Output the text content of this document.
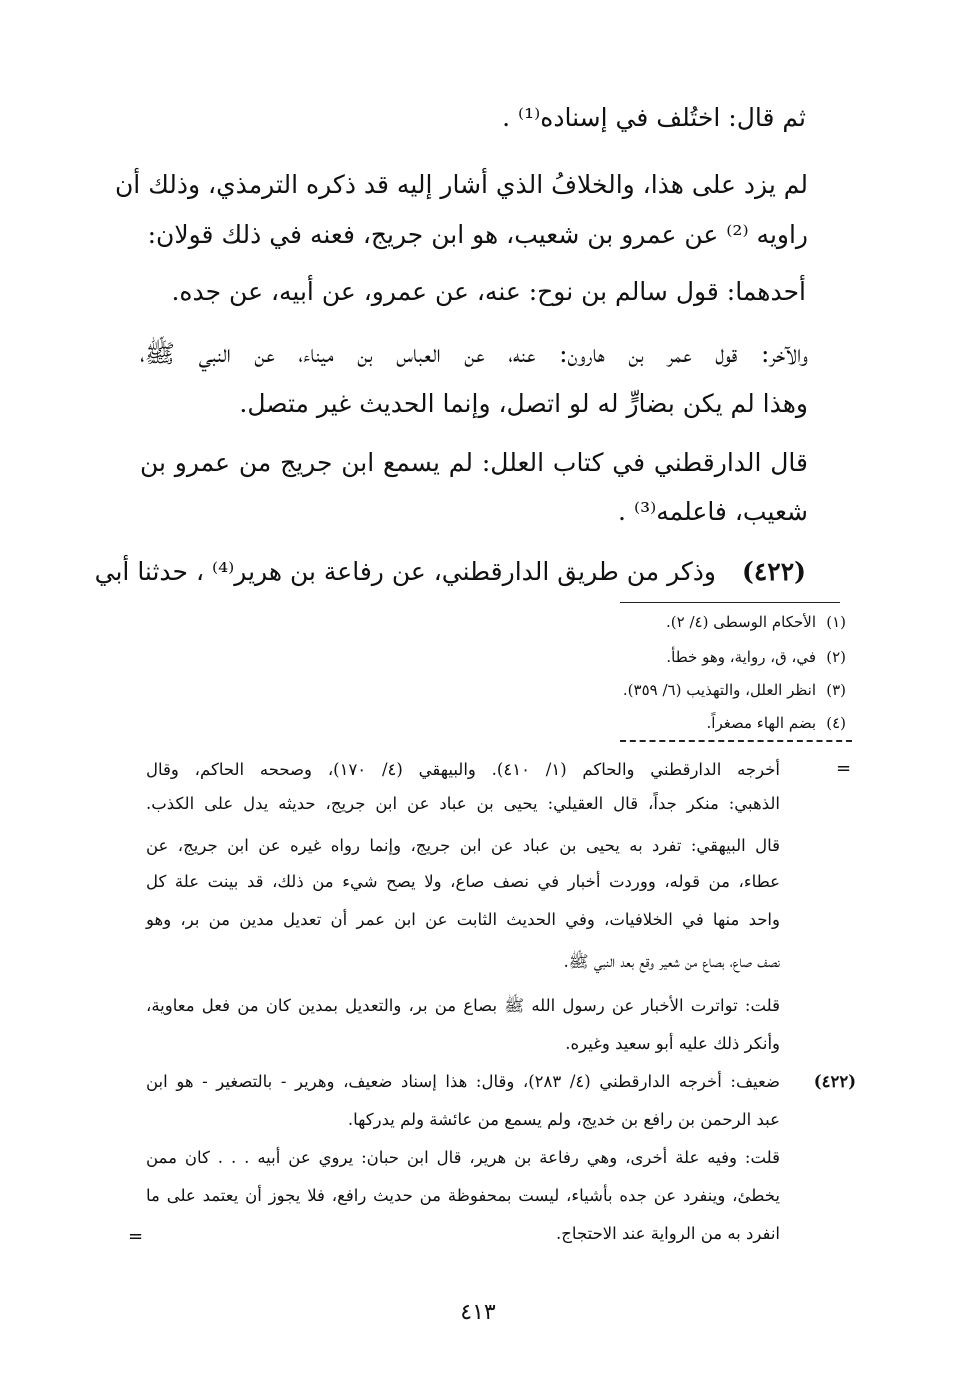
ثم قال: اختُلف في إسناده⁽¹⁾ .
لم يزد على هذا، والخلافُ الذي أشار إليه قد ذكره الترمذي، وذلك أن
راويه ⁽²⁾ عن عمرو بن شعيب، هو ابن جريج، فعنه في ذلك قولان:
أحدهما: قول سالم بن نوح: عنه، عن عمرو، عن أبيه، عن جده.
والآخر: قول عمر بن هارون: عنه، عن العباس بن ميناء، عن النبي ﷺ،
وهذا لم يكن بضارٍّ له لو اتصل، وإنما الحديث غير متصل.
قال الدارقطني في كتاب العلل: لم يسمع ابن جريج من عمرو بن
شعيب، فاعلمه⁽³⁾ .
(٤٢٢)
وذكر من طريق الدارقطني، عن رفاعة بن هرير⁽⁴⁾ ، حدثنا أبي
(١)
الأحكام الوسطى (٤/ ٢).
(٢)
في، ق، رواية، وهو خطأ.
(٣)
انظر العلل، والتهذيب (٦/ ٣٥٩).
(٤)
بضم الهاء مصغراً.
=
أخرجه الدارقطني والحاكم (١/ ٤١٠). والبيهقي (٤/ ١٧٠)، وصححه الحاكم، وقال
الذهبي: منكر جداً، قال العقيلي: يحيى بن عباد عن ابن جريج، حديثه يدل على الكذب.
قال البيهقي: تفرد به يحيى بن عباد عن ابن جريج، وإنما رواه غيره عن ابن جريج، عن
عطاء، من قوله، ووردت أخبار في نصف صاع، ولا يصح شيء من ذلك، قد بينت علة كل
واحد منها في الخلافيات، وفي الحديث الثابت عن ابن عمر أن تعديل مدين من بر، وهو
نصف صاع، بصاع من شعير وقع بعد النبي ﷺ.
قلت: تواترت الأخبار عن رسول الله ﷺ بصاع من بر، والتعديل بمدين كان من فعل معاوية،
وأنكر ذلك عليه أبو سعيد وغيره.
(٤٢٢)
ضعيف: أخرجه الدارقطني (٤/ ٢٨٣)، وقال: هذا إسناد ضعيف، وهرير - بالتصغير - هو ابن
عبد الرحمن بن رافع بن خديج، ولم يسمع من عائشة ولم يدركها.
قلت: وفيه علة أخرى، وهي رفاعة بن هرير، قال ابن حبان: يروي عن أبيه . . . كان ممن
يخطئ، وينفرد عن جده بأشياء، ليست بمحفوظة من حديث رافع، فلا يجوز أن يعتمد على ما
انفرد به من الرواية عند الاحتجاج.
=
٤١٣
